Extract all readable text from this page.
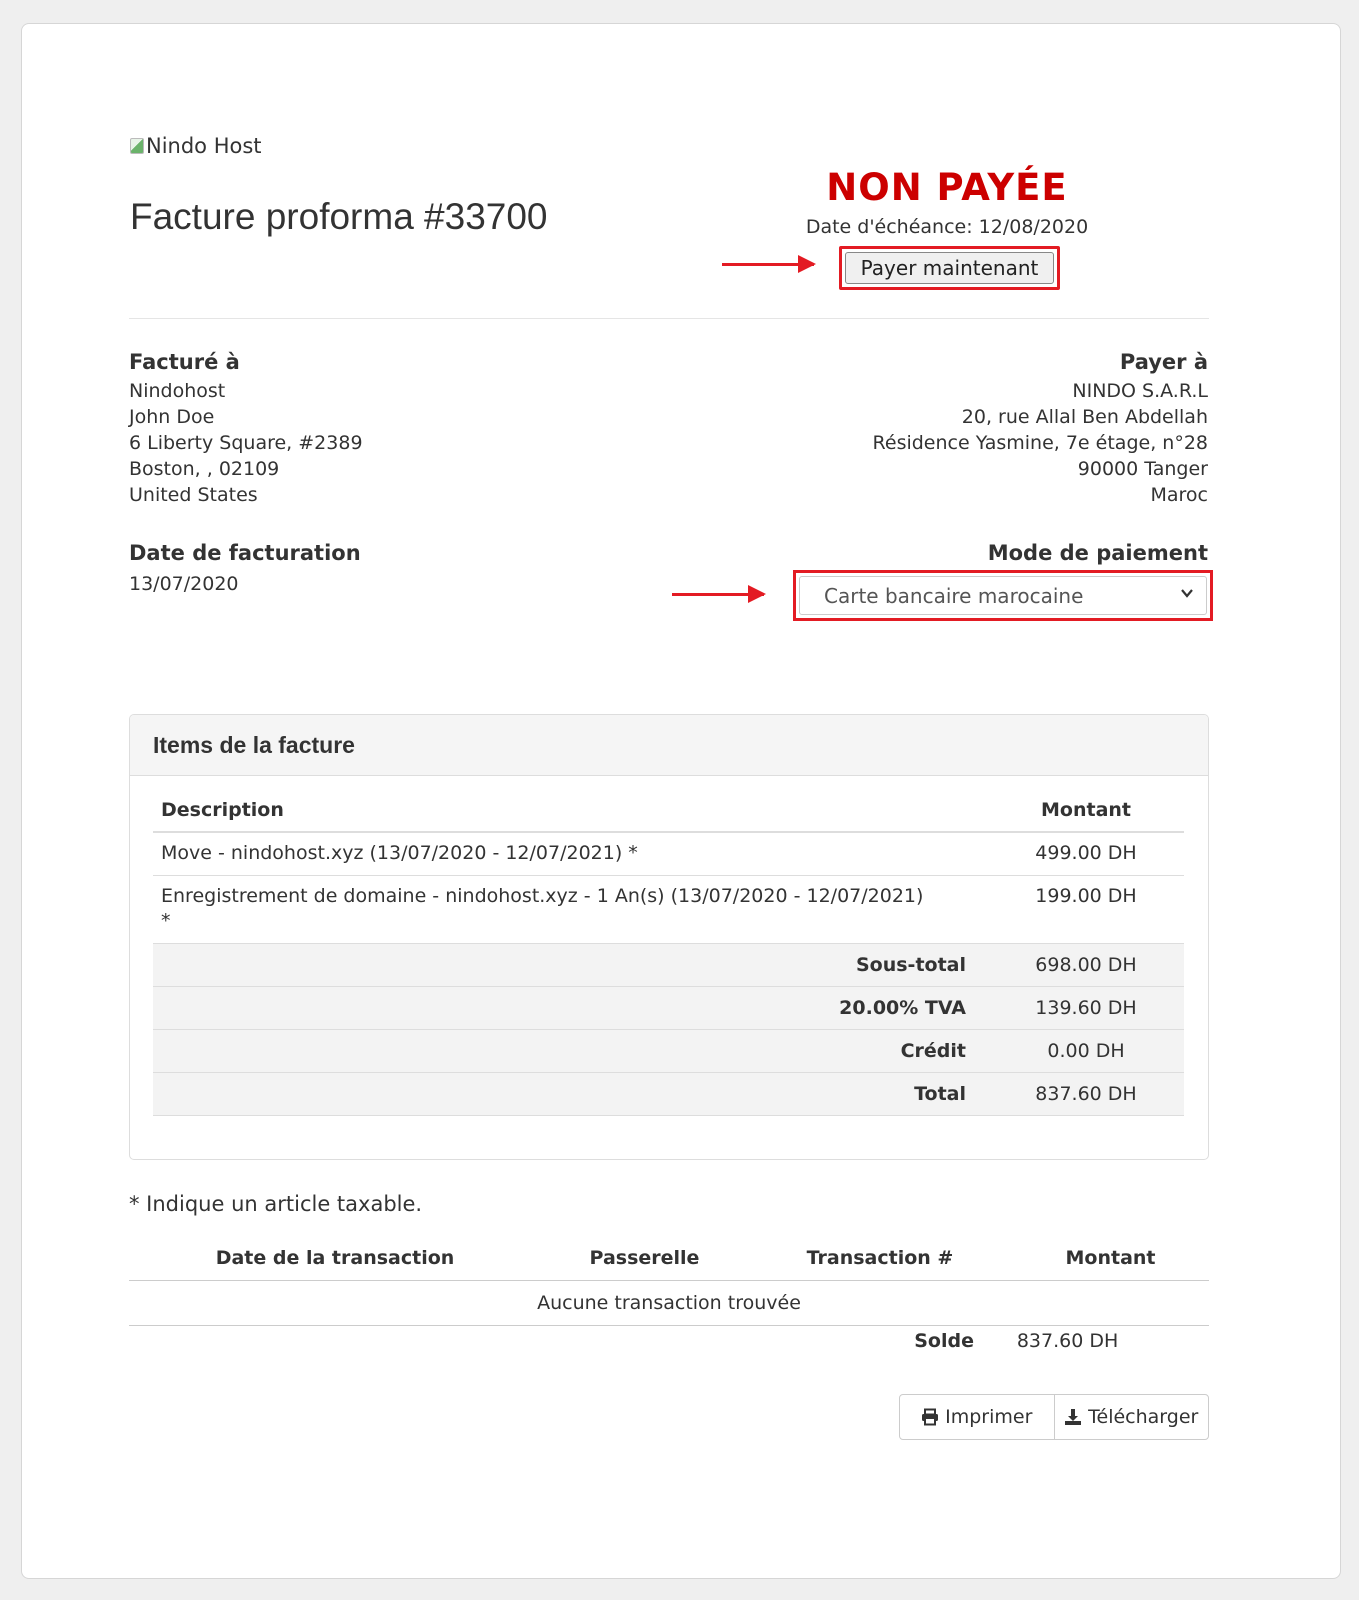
Nindo Host
Facture proforma #33700
NON PAYÉE
Date d'échéance: 12/08/2020
Payer maintenant
Facturé à
Nindohost
John Doe
6 Liberty Square, #2389
Boston, , 02109
United States
Payer à
NINDO S.A.R.L
20, rue Allal Ben Abdellah
Résidence Yasmine, 7e étage, n°28
90000 Tanger
Maroc
Date de facturation
13/07/2020
Mode de paiement
Carte bancaire marocaine
Items de la facture
Description	Montant
Move - nindohost.xyz (13/07/2020 - 12/07/2021) *	499.00 DH
Enregistrement de domaine - nindohost.xyz - 1 An(s) (13/07/2020 - 12/07/2021) *	199.00 DH
Sous-total	698.00 DH
20.00% TVA	139.60 DH
Crédit	0.00 DH
Total	837.60 DH
* Indique un article taxable.
Date de la transaction	Passerelle	Transaction #	Montant
Aucune transaction trouvée
Solde 837.60 DH
Imprimer	Télécharger
